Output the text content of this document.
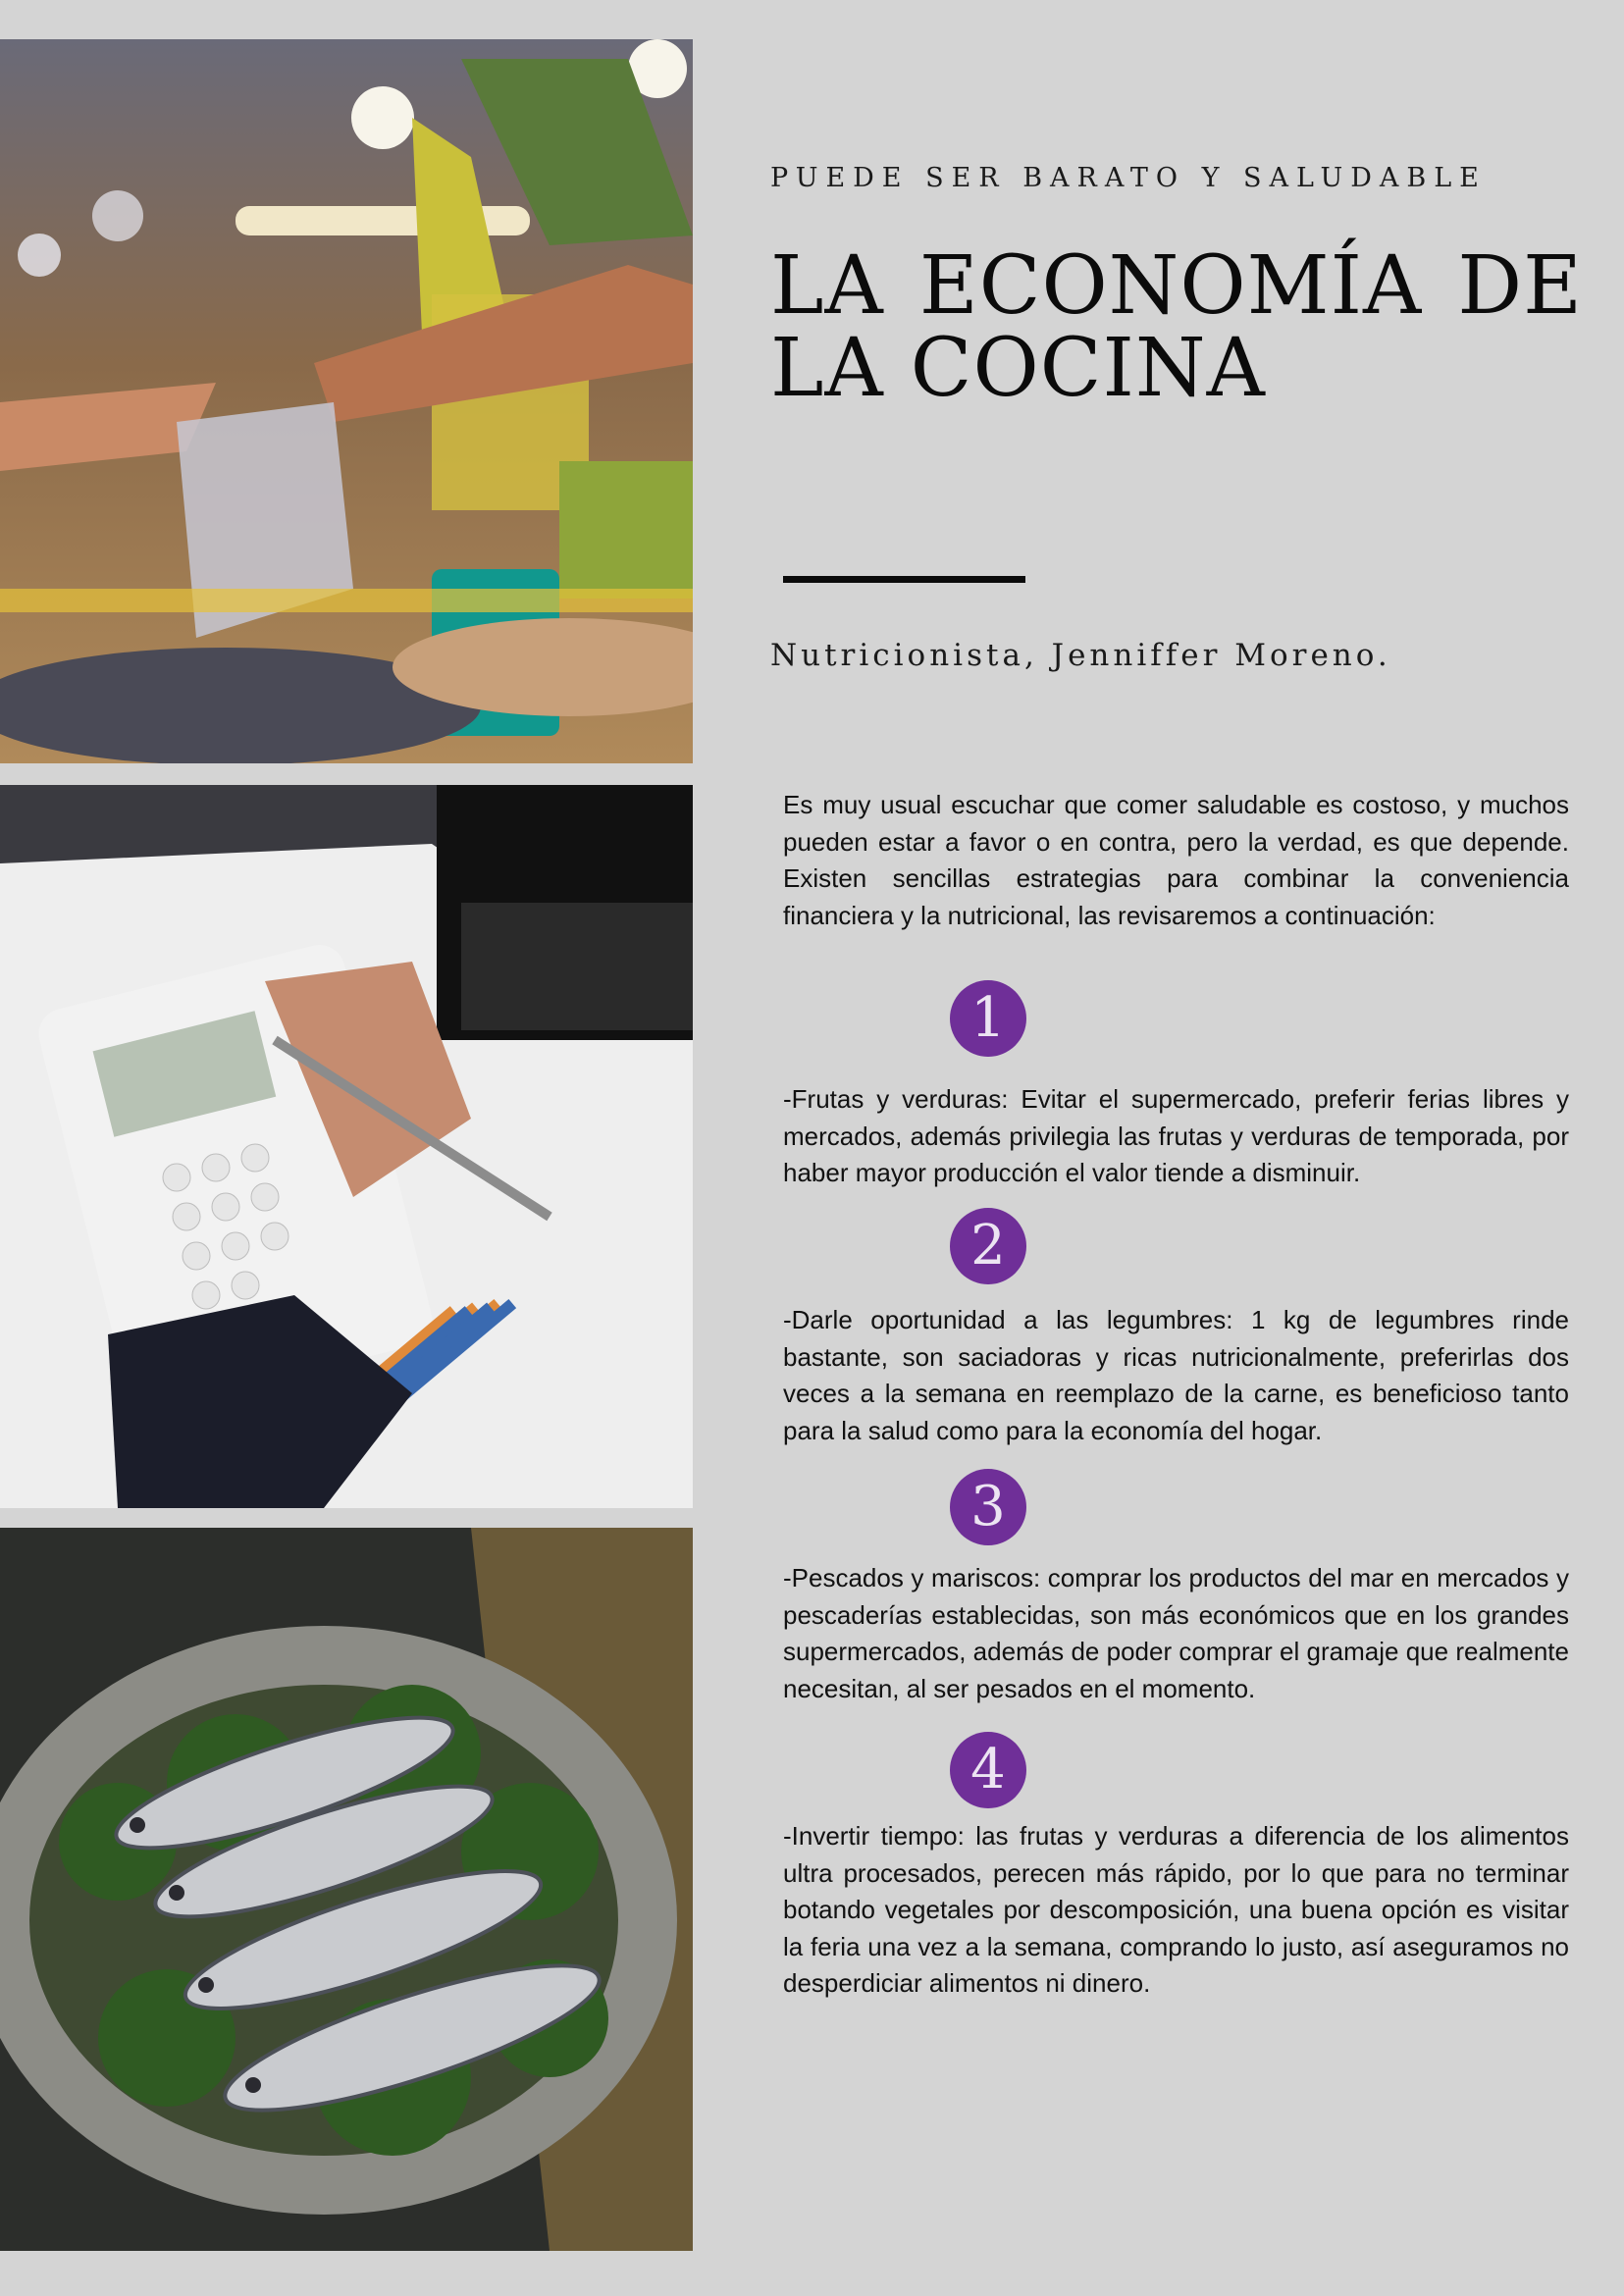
PUEDE SER BARATO Y SALUDABLE
LA ECONOMÍA DE
LA COCINA
Nutricionista, Jenniffer Moreno.

Es muy usual escuchar que comer saludable es costoso, y muchos pueden estar a favor o en contra, pero la verdad, es que depende. Existen sencillas estrategias para combinar la conveniencia financiera y la nutricional, las revisaremos a continuación:

1

-Frutas y verduras: Evitar el supermercado, preferir ferias libres y mercados, además privilegia las frutas y verduras de temporada, por haber mayor producción el valor tiende a disminuir.

2

-Darle oportunidad a las legumbres: 1 kg de legumbres rinde bastante, son saciadoras y ricas nutricionalmente, preferirlas dos veces a la semana en reemplazo de la carne, es beneficioso tanto para la salud como para la economía del hogar.

3

-Pescados y mariscos: comprar los productos del mar en mercados y pescaderías establecidas, son más económicos que en los grandes supermercados, además de poder comprar el gramaje que realmente necesitan, al ser pesados en el momento.

4

-Invertir tiempo: las frutas y verduras a diferencia de los alimentos ultra procesados, perecen más rápido, por lo que para no terminar botando vegetales por descomposición, una buena opción es visitar la feria una vez a la semana, comprando lo justo, así aseguramos no desperdiciar alimentos ni dinero.
